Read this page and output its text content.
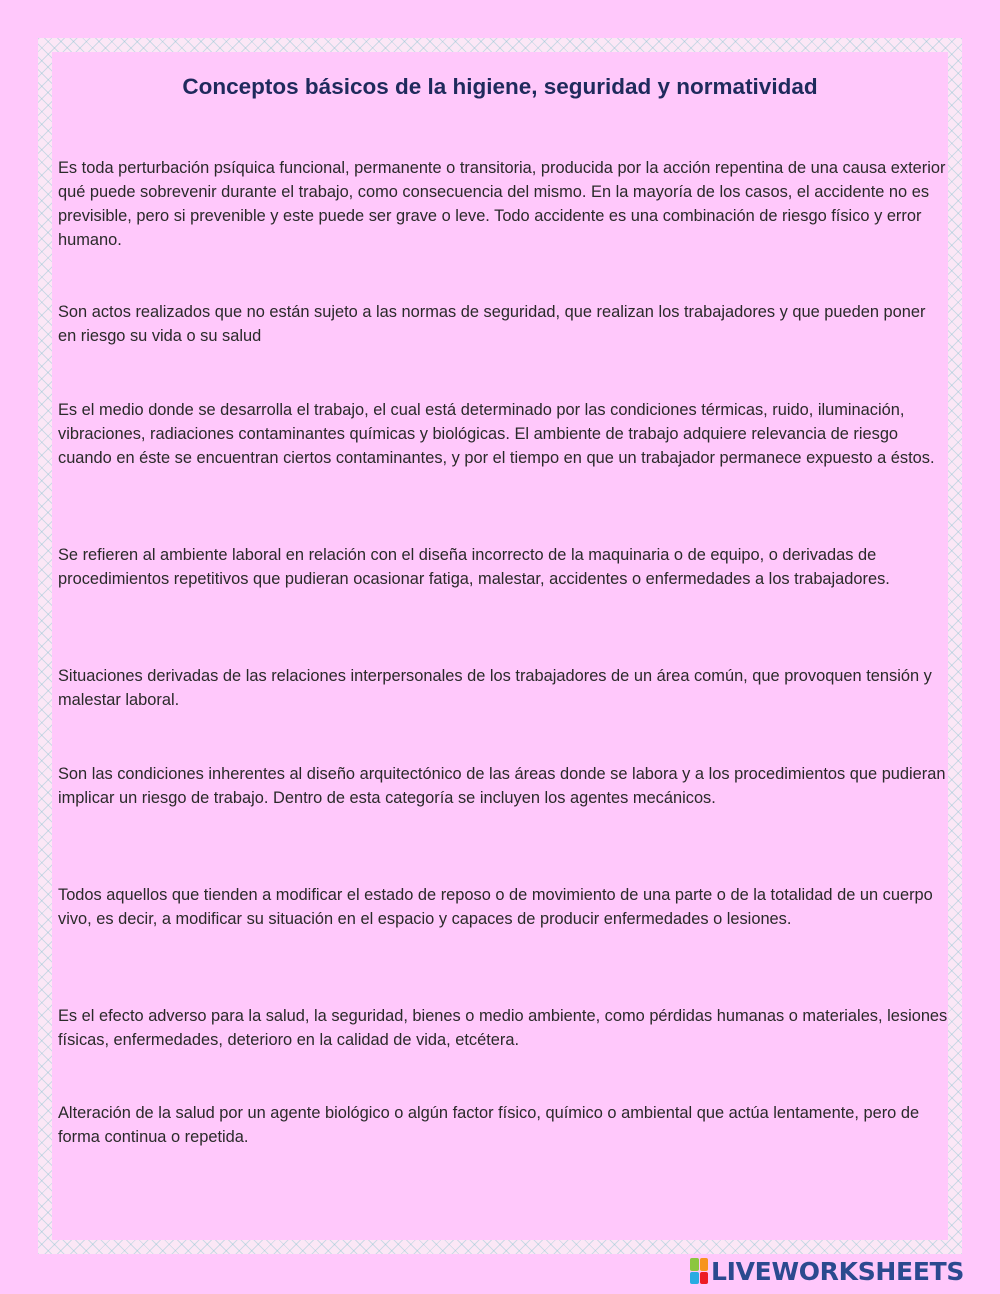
Conceptos básicos de la higiene, seguridad y normatividad

Es toda perturbación psíquica funcional, permanente o transitoria, producida por la acción repentina de una causa exterior qué puede sobrevenir durante el trabajo, como consecuencia del mismo. En la mayoría de los casos, el accidente no es previsible, pero si prevenible y este puede ser grave o leve. Todo accidente es una combinación de riesgo físico y error humano.

Son actos realizados que no están sujeto a las normas de seguridad, que realizan los trabajadores y que pueden poner en riesgo su vida o su salud

Es el medio donde se desarrolla el trabajo, el cual está determinado por las condiciones térmicas, ruido, iluminación, vibraciones, radiaciones contaminantes químicas y biológicas. El ambiente de trabajo adquiere relevancia de riesgo cuando en éste se encuentran ciertos contaminantes, y por el tiempo en que un trabajador permanece expuesto a éstos.

Se refieren al ambiente laboral en relación con el diseña incorrecto de la maquinaria o de equipo, o derivadas de procedimientos repetitivos que pudieran ocasionar fatiga, malestar, accidentes o enfermedades a los trabajadores.

Situaciones derivadas de las relaciones interpersonales de los trabajadores de un área común, que provoquen tensión y malestar laboral.

Son las condiciones inherentes al diseño arquitectónico de las áreas donde se labora y a los procedimientos que pudieran implicar un riesgo de trabajo. Dentro de esta categoría se incluyen los agentes mecánicos.

Todos aquellos que tienden a modificar el estado de reposo o de movimiento de una parte o de la totalidad de un cuerpo vivo, es decir, a modificar su situación en el espacio y capaces de producir enfermedades o lesiones.

Es el efecto adverso para la salud, la seguridad, bienes o medio ambiente, como pérdidas humanas o materiales, lesiones físicas, enfermedades, deterioro en la calidad de vida, etcétera.

Alteración de la salud por un agente biológico o algún factor físico, químico o ambiental que actúa lentamente, pero de forma continua o repetida.

LIVEWORKSHEETS
